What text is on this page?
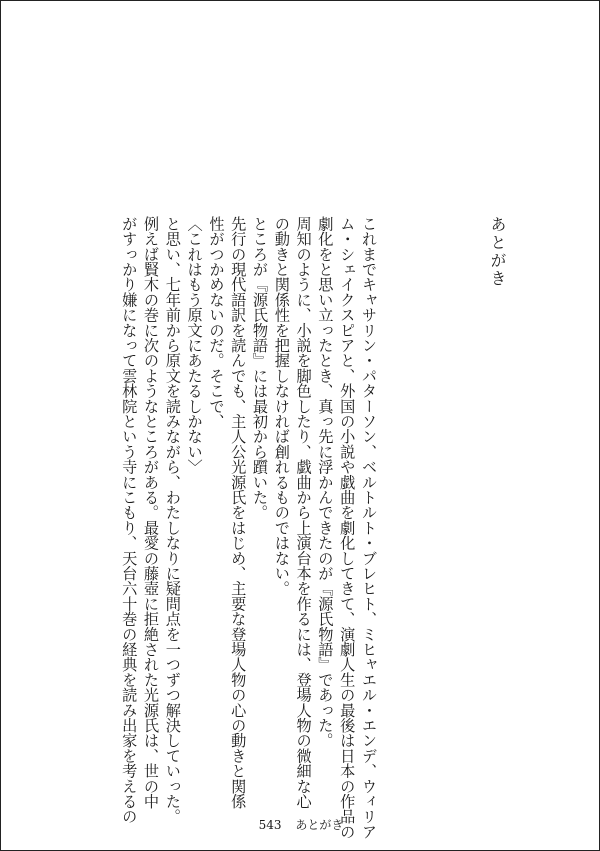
あとがき

これまでキャサリン・パターソン、ベルトルト・ブレヒト、ミヒャエル・エンデ、ウィリア

ム・シェイクスピアと、外国の小説や戯曲を劇化してきて、演劇人生の最後は日本の作品の

劇化をと思い立ったとき、真っ先に浮かんできたのが『源氏物語』であった。

周知のように、小説を脚色したり、戯曲から上演台本を作るには、登場人物の微細な心

の動きと関係性を把握しなければ創れるものではない。

ところが『源氏物語』には最初から躓いた。

先行の現代語訳を読んでも、主人公光源氏をはじめ、主要な登場人物の心の動きと関係

性がつかめないのだ。そこで、

〈これはもう原文にあたるしかない〉

と思い、七年前から原文を読みながら、わたしなりに疑問点を一つずつ解決していった。

例えば賢木の巻に次のようなところがある。最愛の藤壺に拒絶された光源氏は、世の中

がすっかり嫌になって雲林院という寺にこもり、天台六十巻の経典を読み出家を考えるの

543 あとがき
